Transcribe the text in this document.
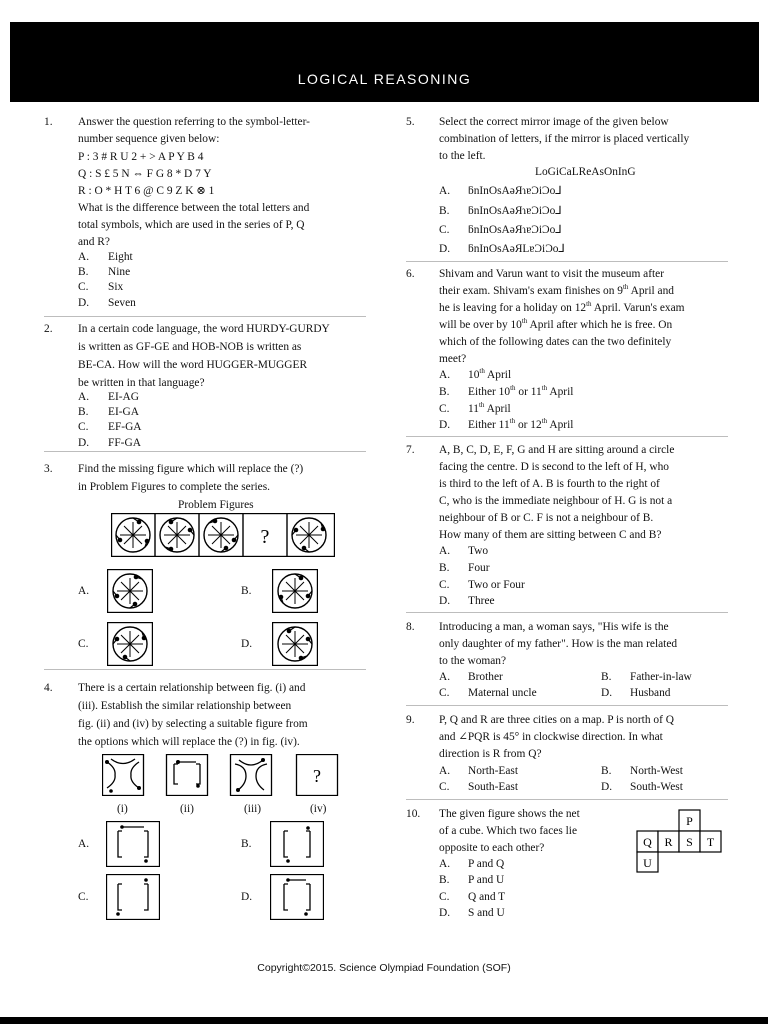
LOGICAL REASONING
1. Answer the question referring to the symbol-letter-
number sequence given below:
P : 3 # R U 2 + > A P Y B 4
Q : S £ 5 N ⇔ F G 8 * D 7 Y
R : O * H T 6 @ C 9 Z K ⊗ 1
What is the difference between the total letters and
total symbols, which are used in the series of P, Q
and R?
A. Eight
B. Nine
C. Six
D. Seven
2. In a certain code language, the word HURDY-GURDY
is written as GF-GE and HOB-NOB is written as
BE-CA. How will the word HUGGER-MUGGER
be written in that language?
A. EI-AG
B. EI-GA
C. EF-GA
D. FF-GA
3. Find the missing figure which will replace the (?)
in Problem Figures to complete the series.
Problem Figures
?
A.	B.
C.	D.
4. There is a certain relationship between fig. (i) and
(iii). Establish the similar relationship between
fig. (ii) and (iv) by selecting a suitable figure from
the options which will replace the (?) in fig. (iv).
?
(i)	(ii)	(iii)	(iv)
A.	B.
C.	D.
5. Select the correct mirror image of the given below
combination of letters, if the mirror is placed vertically
to the left.
LoGiCaLReAsOnInG
A. ƃnInOsAǝЯɿɐƆiƆo⅃
B. ƃnInOsAǝЯɿɐƆiƆo⅃
C. ƃnInOsAǝЯɿɐƆiƆo⅃
D. ƃnInOsAǝЯLɐƆiƆo⅃
6. Shivam and Varun want to visit the museum after
their exam. Shivam's exam finishes on 9th April and
he is leaving for a holiday on 12th April. Varun's exam
will be over by 10th April after which he is free. On
which of the following dates can the two definitely
meet?
A. 10th April
B. Either 10th or 11th April
C. 11th April
D. Either 11th or 12th April
7. A, B, C, D, E, F, G and H are sitting around a circle
facing the centre. D is second to the left of H, who
is third to the left of A. B is fourth to the right of
C, who is the immediate neighbour of H. G is not a
neighbour of B or C. F is not a neighbour of B.
How many of them are sitting between C and B?
A. Two
B. Four
C. Two or Four
D. Three
8. Introducing a man, a woman says, "His wife is the
only daughter of my father". How is the man related
to the woman?
A. Brother	B. Father-in-law
C. Maternal uncle	D. Husband
9. P, Q and R are three cities on a map. P is north of Q
and ∠PQR is 45° in clockwise direction. In what
direction is R from Q?
A. North-East	B. North-West
C. South-East	D. South-West
10. The given figure shows the net
of a cube. Which two faces lie
opposite to each other?
A. P and Q
B. P and U
C. Q and T
D. S and U
P
Q R S T
U
Copyright©2015. Science Olympiad Foundation (SOF)
